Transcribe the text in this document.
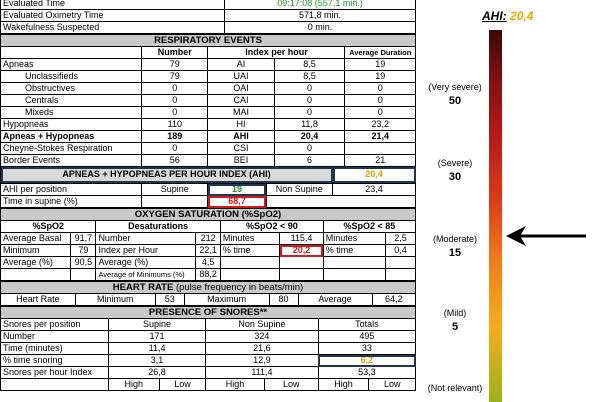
Evaluated Time	09:17:08 (557,1 min.)
Evaluated Oximetry Time	571,8 min.
Wakefulness Suspected	0 min.
RESPIRATORY EVENTS				
	Number	Index per hour		Average Duration
Apneas	79	AI	8,5	19
Unclassifieds	79	UAI	8,5	19
Obstructives	0	OAI	0	0
Centrals	0	CAI	0	0
Mixeds	0	MAI	0	0
Hypopneas	110	HI	11,8	23,2
Apneas + Hypopneas	189	AHI	20,4	21,4
Cheyne-Stokes Respiration	0	CSI	0	
Border Events	56	BEI	6	21
APNEAS + HYPOPNEAS PER HOUR INDEX (AHI)	20,4
AHI per position	Supine	19	Non Supine	23,4
Time in supine (%)		68,7		
OXYGEN SATURATION (%SpO2)							
%SpO2		Desaturations		%SpO2 < 90		%SpO2 < 85	
Average Basal	91,7	Number	212	Minutes	115,4	Minutes	2,5
Minimum	79	Index per Hour	22,1	% time	20,2	% time	0,4
Average (%)	90,5	Average (%)	4,5				
		Average of Minimums (%)	88,2				
HEART RATE (pulse frequency in beats/min)
Heart Rate	Minimum	53	Maximum	80	Average	64,2
PRESENCE OF SNORES**						
Snores per position	Supine		Non Supine		Totals	
Number	171		324		495	
Time (minutes)	11,4		21,6		33	
% time snoring	3,1		12,9		6,2	
Snores per hour Index	26,8		111,4		53,3	
	High	Low	High	Low	High	Low
AHI: 20,4
(Very severe)
50
(Severe)
30
(Moderate)
15
(Mild)
5
(Not relevant)
